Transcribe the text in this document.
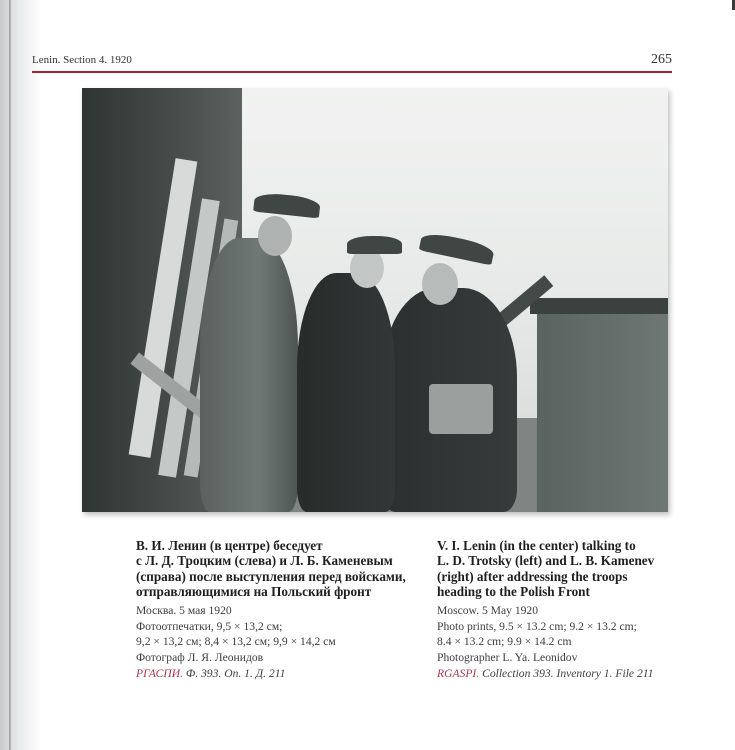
Lenin. Section 4. 1920	265
В. И. Ленин (в центре) беседует
с Л. Д. Троцким (слева) и Л. Б. Каменевым
(справа) после выступления перед войсками,
отправляющимися на Польский фронт

Москва. 5 мая 1920

Фотоотпечатки, 9,5 × 13,2 см;

9,2 × 13,2 см; 8,4 × 13,2 см; 9,9 × 14,2 см

Фотограф Л. Я. Леонидов

РГАСПИ. Ф. 393. Оп. 1. Д. 211

V. I. Lenin (in the center) talking to
L. D. Trotsky (left) and L. B. Kamenev
(right) after addressing the troops
heading to the Polish Front

Moscow. 5 May 1920

Photo prints, 9.5 × 13.2 cm; 9.2 × 13.2 cm;

8.4 × 13.2 cm; 9.9 × 14.2 cm

Photographer L. Ya. Leonidov

RGASPI. Collection 393. Inventory 1. File 211
